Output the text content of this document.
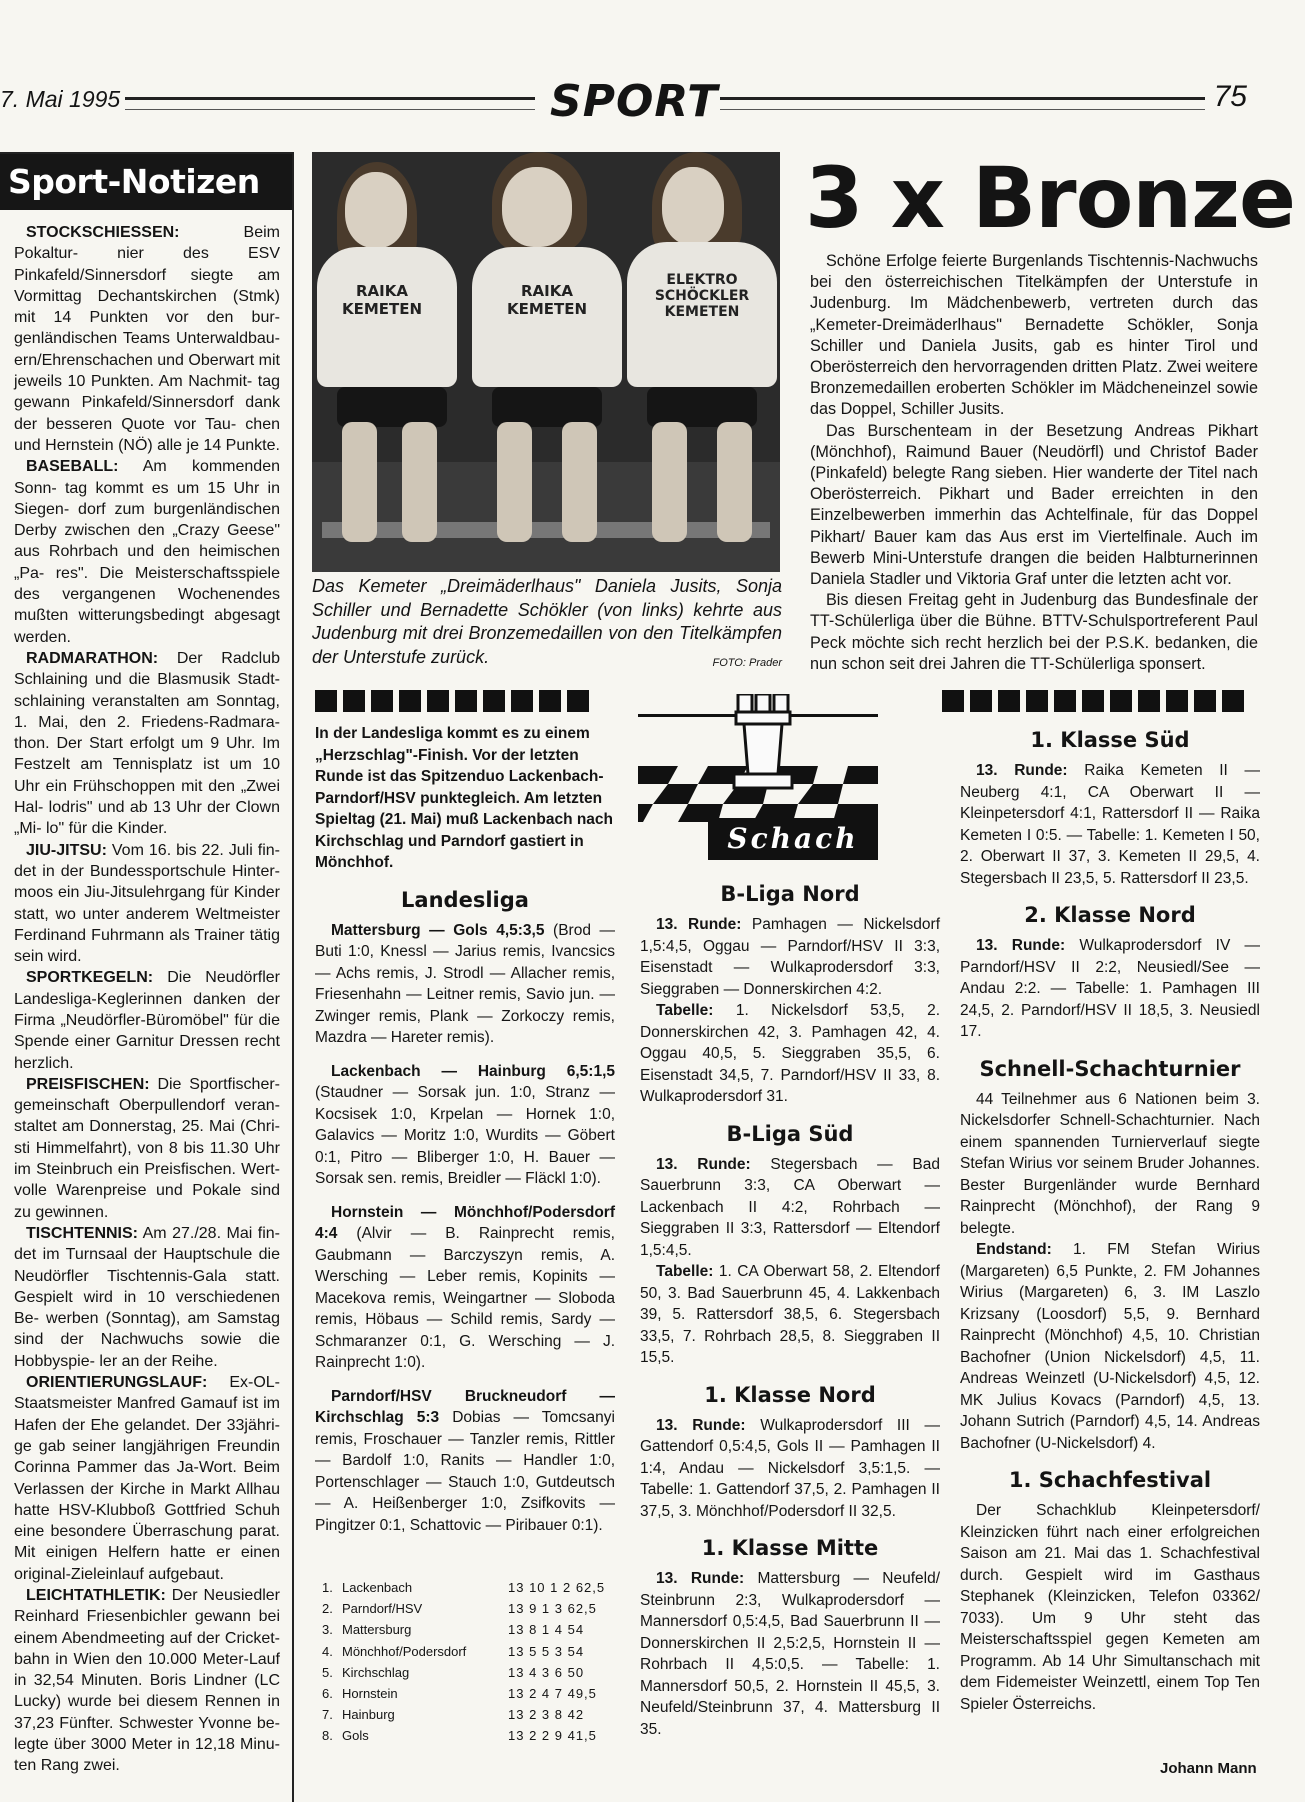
7. Mai 1995	SPORT	75
Sport-Notizen

STOCKSCHIESSEN: Beim Pokaltur- nier des ESV Pinkafeld/Sinnersdorf siegte am Vormittag Dechantskirchen (Stmk) mit 14 Punkten vor den bur- genländischen Teams Unterwaldbau- ern/Ehrenschachen und Oberwart mit jeweils 10 Punkten. Am Nachmit- tag gewann Pinkafeld/Sinnersdorf dank der besseren Quote vor Tau- chen und Hernstein (NÖ) alle je 14 Punkte.

BASEBALL: Am kommenden Sonn- tag kommt es um 15 Uhr in Siegen- dorf zum burgenländischen Derby zwischen den „Crazy Geese" aus Rohrbach und den heimischen „Pa- res". Die Meisterschaftsspiele des vergangenen Wochenendes mußten witterungsbedingt abgesagt werden.

RADMARATHON: Der Radclub Schlaining und die Blasmusik Stadt- schlaining veranstalten am Sonntag, 1. Mai, den 2. Friedens-Radmara- thon. Der Start erfolgt um 9 Uhr. Im Festzelt am Tennisplatz ist um 10 Uhr ein Frühschoppen mit den „Zwei Hal- lodris" und ab 13 Uhr der Clown „Mi- lo" für die Kinder.

JIU-JITSU: Vom 16. bis 22. Juli fin- det in der Bundessportschule Hinter- moos ein Jiu-Jitsulehrgang für Kinder statt, wo unter anderem Weltmeister Ferdinand Fuhrmann als Trainer tätig sein wird.

SPORTKEGELN: Die Neudörfler Landesliga-Keglerinnen danken der Firma „Neudörfler-Büromöbel" für die Spende einer Garnitur Dressen recht herzlich.

PREISFISCHEN: Die Sportfischer- gemeinschaft Oberpullendorf veran- staltet am Donnerstag, 25. Mai (Chri- sti Himmelfahrt), von 8 bis 11.30 Uhr im Steinbruch ein Preisfischen. Wert- volle Warenpreise und Pokale sind zu gewinnen.

TISCHTENNIS: Am 27./28. Mai fin- det im Turnsaal der Hauptschule die Neudörfler Tischtennis-Gala statt. Gespielt wird in 10 verschiedenen Be- werben (Sonntag), am Samstag sind der Nachwuchs sowie die Hobbyspie- ler an der Reihe.

ORIENTIERUNGSLAUF: Ex-OL- Staatsmeister Manfred Gamauf ist im Hafen der Ehe gelandet. Der 33jähri- ge gab seiner langjährigen Freundin Corinna Pammer das Ja-Wort. Beim Verlassen der Kirche in Markt Allhau hatte HSV-Klubboß Gottfried Schuh eine besondere Überraschung parat. Mit einigen Helfern hatte er einen original-Zieleinlauf aufgebaut.

LEICHTATHLETIK: Der Neusiedler Reinhard Friesenbichler gewann bei einem Abendmeeting auf der Cricket- bahn in Wien den 10.000 Meter-Lauf in 32,54 Minuten. Boris Lindner (LC Lucky) wurde bei diesem Rennen in 37,23 Fünfter. Schwester Yvonne be- legte über 3000 Meter in 12,18 Minu- ten Rang zwei.

RAIKA KEMETEN
RAIKA KEMETEN
ELEKTRO SCHÖCKLER KEMETEN
Das Kemeter „Dreimäderlhaus" Daniela Jusits, Sonja Schiller und Bernadette Schökler (von links) kehrte aus Judenburg mit drei Bronzemedaillen von den Titelkämpfen der Unterstufe zurück.	FOTO: Prader
3 x Bronze

Schöne Erfolge feierte Burgenlands Tischtennis-Nachwuchs bei den österreichischen Titelkämpfen der Unterstufe in Judenburg. Im Mädchenbewerb, vertreten durch das „Kemeter-Dreimäderlhaus" Bernadette Schökler, Sonja Schiller und Daniela Jusits, gab es hinter Tirol und Oberösterreich den hervorragenden dritten Platz. Zwei weitere Bronzemedaillen eroberten Schökler im Mädcheneinzel sowie das Doppel, Schiller Jusits.

Das Burschenteam in der Besetzung Andreas Pikhart (Mönchhof), Raimund Bauer (Neudörfl) und Christof Bader (Pinkafeld) belegte Rang sieben. Hier wanderte der Titel nach Oberösterreich. Pikhart und Bader erreichten in den Einzelbewerben immerhin das Achtelfinale, für das Doppel Pikhart/ Bauer kam das Aus erst im Viertelfinale. Auch im Bewerb Mini-Unterstufe drangen die beiden Halbturnerinnen Daniela Stadler und Viktoria Graf unter die letzten acht vor.

Bis diesen Freitag geht in Judenburg das Bundesfinale der TT-Schülerliga über die Bühne. BTTV-Schulsportreferent Paul Peck möchte sich recht herzlich bei der P.S.K. bedanken, die nun schon seit drei Jahren die TT-Schülerliga sponsert.

In der Landesliga kommt es zu einem „Herzschlag"-Finish. Vor der letzten Runde ist das Spitzenduo Lackenbach-Parndorf/HSV punktegleich. Am letzten Spieltag (21. Mai) muß Lackenbach nach Kirchschlag und Parndorf gastiert in Mönchhof.
Landesliga

Mattersburg — Gols 4,5:3,5 (Brod — Buti 1:0, Knessl — Jarius remis, Ivancsics — Achs remis, J. Strodl — Allacher remis, Friesenhahn — Leitner remis, Savio jun. — Zwinger remis, Plank — Zorkoczy remis, Mazdra — Hareter remis).

Lackenbach — Hainburg 6,5:1,5 (Staudner — Sorsak jun. 1:0, Stranz — Kocsisek 1:0, Krpelan — Hornek 1:0, Galavics — Moritz 1:0, Wurdits — Göbert 0:1, Pitro — Bliberger 1:0, H. Bauer — Sorsak sen. remis, Breidler — Fläckl 1:0).

Hornstein — Mönchhof/Podersdorf 4:4 (Alvir — B. Rainprecht remis, Gaubmann — Barczyszyn remis, A. Wersching — Leber remis, Kopinits — Macekova remis, Weingartner — Sloboda remis, Höbaus — Schild remis, Sardy — Schmaranzer 0:1, G. Wersching — J. Rainprecht 1:0).

Parndorf/HSV Bruckneudorf — Kirchschlag 5:3 Dobias — Tomcsanyi remis, Froschauer — Tanzler remis, Rittler — Bardolf 1:0, Ranits — Handler 1:0, Portenschlager — Stauch 1:0, Gutdeutsch — A. Heißenberger 1:0, Zsifkovits — Pingitzer 0:1, Schattovic — Piribauer 0:1).

1. Lackenbach	13 10 1 2 62,5
2. Parndorf/HSV	13 9 1 3 62,5
3. Mattersburg	13 8 1 4 54
4. Mönchhof/Podersdorf	13 5 5 3 54
5. Kirchschlag	13 4 3 6 50
6. Hornstein	13 2 4 7 49,5
7. Hainburg	13 2 3 8 42
8. Gols	13 2 2 9 41,5
Schach
B-Liga Nord

13. Runde: Pamhagen — Nickelsdorf 1,5:4,5, Oggau — Parndorf/HSV II 3:3, Eisenstadt — Wulkaprodersdorf 3:3, Sieggraben — Donnerskirchen 4:2.

Tabelle: 1. Nickelsdorf 53,5, 2. Donnerskirchen 42, 3. Pamhagen 42, 4. Oggau 40,5, 5. Sieggraben 35,5, 6. Eisenstadt 34,5, 7. Parndorf/HSV II 33, 8. Wulkaprodersdorf 31.

B-Liga Süd

13. Runde: Stegersbach — Bad Sauerbrunn 3:3, CA Oberwart — Lackenbach II 4:2, Rohrbach — Sieggraben II 3:3, Rattersdorf — Eltendorf 1,5:4,5.

Tabelle: 1. CA Oberwart 58, 2. Eltendorf 50, 3. Bad Sauerbrunn 45, 4. Lakkenbach 39, 5. Rattersdorf 38,5, 6. Stegersbach 33,5, 7. Rohrbach 28,5, 8. Sieggraben II 15,5.

1. Klasse Nord

13. Runde: Wulkaprodersdorf III — Gattendorf 0,5:4,5, Gols II — Pamhagen II 1:4, Andau — Nickelsdorf 3,5:1,5. — Tabelle: 1. Gattendorf 37,5, 2. Pamhagen II 37,5, 3. Mönchhof/Podersdorf II 32,5.

1. Klasse Mitte

13. Runde: Mattersburg — Neufeld/ Steinbrunn 2:3, Wulkaprodersdorf — Mannersdorf 0,5:4,5, Bad Sauerbrunn II — Donnerskirchen II 2,5:2,5, Hornstein II — Rohrbach II 4,5:0,5. — Tabelle: 1. Mannersdorf 50,5, 2. Hornstein II 45,5, 3. Neufeld/Steinbrunn 37, 4. Mattersburg II 35.

1. Klasse Süd

13. Runde: Raika Kemeten II — Neuberg 4:1, CA Oberwart II — Kleinpetersdorf 4:1, Rattersdorf II — Raika Kemeten I 0:5. — Tabelle: 1. Kemeten I 50, 2. Oberwart II 37, 3. Kemeten II 29,5, 4. Stegersbach II 23,5, 5. Rattersdorf II 23,5.

2. Klasse Nord

13. Runde: Wulkaprodersdorf IV — Parndorf/HSV II 2:2, Neusiedl/See — Andau 2:2. — Tabelle: 1. Pamhagen III 24,5, 2. Parndorf/HSV II 18,5, 3. Neusiedl 17.

Schnell-Schachturnier

44 Teilnehmer aus 6 Nationen beim 3. Nickelsdorfer Schnell-Schachturnier. Nach einem spannenden Turnierverlauf siegte Stefan Wirius vor seinem Bruder Johannes. Bester Burgenländer wurde Bernhard Rainprecht (Mönchhof), der Rang 9 belegte.

Endstand: 1. FM Stefan Wirius (Margareten) 6,5 Punkte, 2. FM Johannes Wirius (Margareten) 6, 3. IM Laszlo Krizsany (Loosdorf) 5,5, 9. Bernhard Rainprecht (Mönchhof) 4,5, 10. Christian Bachofner (Union Nickelsdorf) 4,5, 11. Andreas Weinzetl (U-Nickelsdorf) 4,5, 12. MK Julius Kovacs (Parndorf) 4,5, 13. Johann Sutrich (Parndorf) 4,5, 14. Andreas Bachofner (U-Nickelsdorf) 4.

1. Schachfestival

Der Schachklub Kleinpetersdorf/ Kleinzicken führt nach einer erfolgreichen Saison am 21. Mai das 1. Schachfestival durch. Gespielt wird im Gasthaus Stephanek (Kleinzicken, Telefon 03362/ 7033). Um 9 Uhr steht das Meisterschaftsspiel gegen Kemeten am Programm. Ab 14 Uhr Simultanschach mit dem Fidemeister Weinzettl, einem Top Ten Spieler Österreichs.

Johann Mann
